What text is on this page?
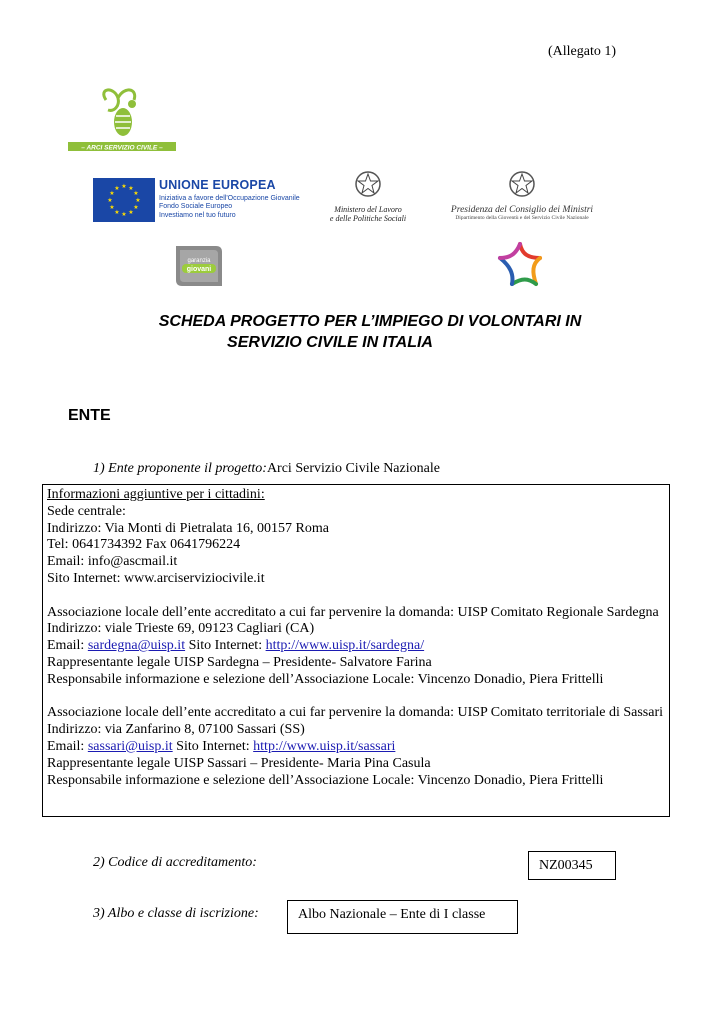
(Allegato 1)
– ARCI SERVIZIO CIVILE –
★ ★
★
★
★
★
★
★
★
★
★
★	UNIONE EUROPEA
Iniziativa a favore dell'Occupazione Giovanile
Fondo Sociale Europeo
Investiamo nel tuo futuro
Ministero del Lavoro
e delle Politiche Sociali
Presidenza del Consiglio dei Ministri
Dipartimento della Gioventù e del Servizio Civile Nazionale
garanzia
giovani
SCHEDA PROGETTO PER L’IMPIEGO DI VOLONTARI IN
SERVIZIO CIVILE IN ITALIA
ENTE
1) Ente proponente il progetto:Arci Servizio Civile Nazionale

Informazioni aggiuntive per i cittadini:

Sede centrale:

Indirizzo: Via Monti di Pietralata 16, 00157 Roma

Tel: 0641734392 Fax 0641796224

Email: info@ascmail.it

Sito Internet: www.arciserviziocivile.it

Associazione locale dell’ente accreditato a cui far pervenire la domanda: UISP Comitato Regionale Sardegna

Indirizzo: viale Trieste 69, 09123 Cagliari (CA)

Email: sardegna@uisp.it Sito Internet: http://www.uisp.it/sardegna/

Rappresentante legale UISP Sardegna – Presidente- Salvatore Farina

Responsabile informazione e selezione dell’Associazione Locale: Vincenzo Donadio, Piera Frittelli

Associazione locale dell’ente accreditato a cui far pervenire la domanda: UISP Comitato territoriale di Sassari

Indirizzo: via Zanfarino 8, 07100 Sassari (SS)

Email: sassari@uisp.it Sito Internet: http://www.uisp.it/sassari

Rappresentante legale UISP Sassari – Presidente- Maria Pina Casula

Responsabile informazione e selezione dell’Associazione Locale: Vincenzo Donadio, Piera Frittelli

2) Codice di accreditamento:	NZ00345
3) Albo e classe di iscrizione:	Albo Nazionale – Ente di I classe
